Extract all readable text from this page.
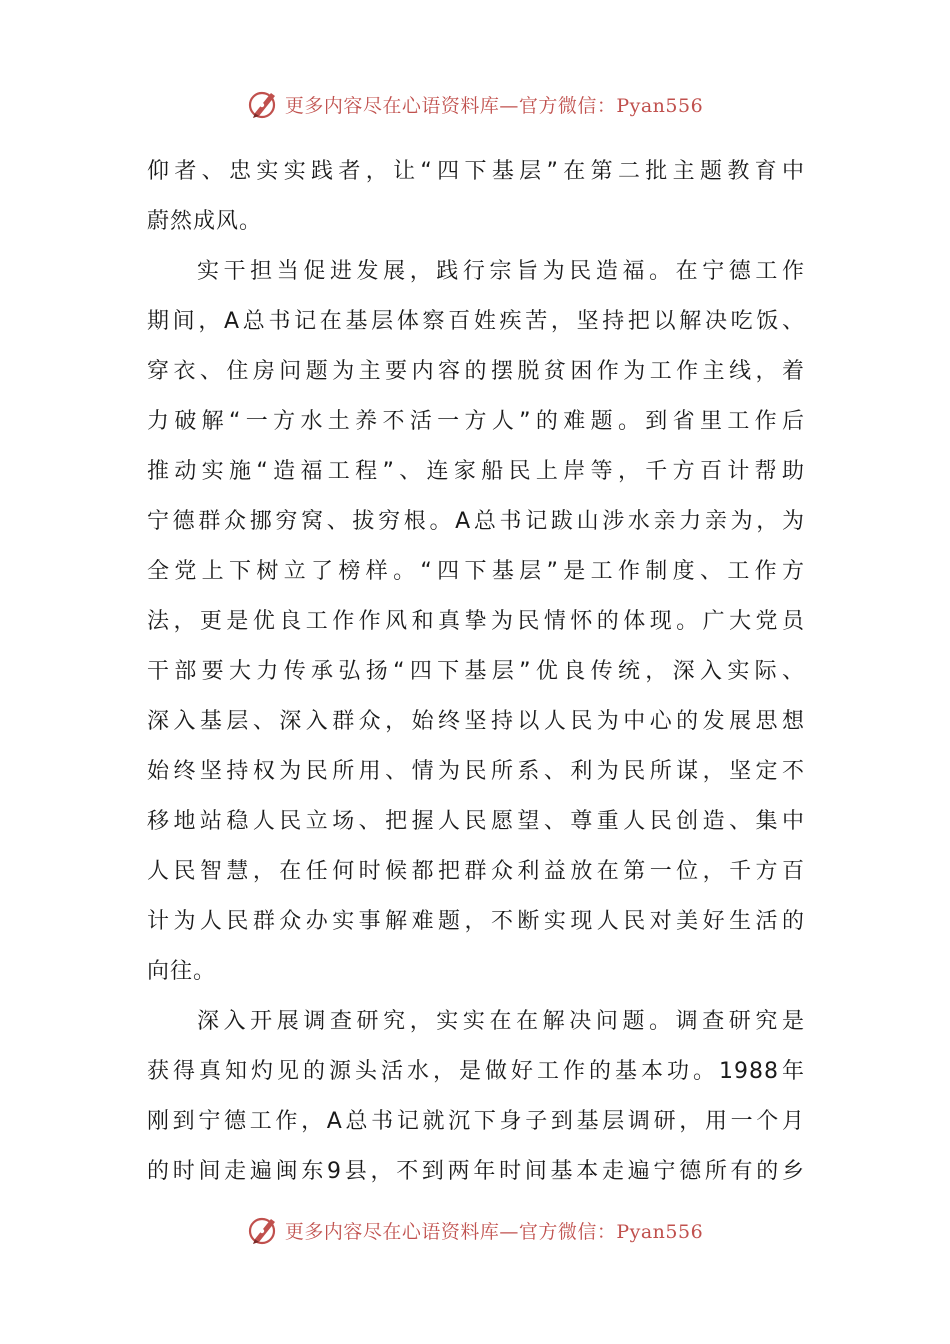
更多内容尽在心语资料库—官方微信：Pyan556
仰者、忠实实践者，让“四下基层”在第二批主题教育中
蔚然成风。
实干担当促进发展，践行宗旨为民造福。在宁德工作
期间，A总书记在基层体察百姓疾苦，坚持把以解决吃饭、
穿衣、住房问题为主要内容的摆脱贫困作为工作主线，着
力破解“一方水土养不活一方人”的难题。到省里工作后
推动实施“造福工程”、连家船民上岸等，千方百计帮助
宁德群众挪穷窝、拔穷根。A总书记跋山涉水亲力亲为，为
全党上下树立了榜样。“四下基层”是工作制度、工作方
法，更是优良工作作风和真挚为民情怀的体现。广大党员
干部要大力传承弘扬“四下基层”优良传统，深入实际、
深入基层、深入群众，始终坚持以人民为中心的发展思想
始终坚持权为民所用、情为民所系、利为民所谋，坚定不
移地站稳人民立场、把握人民愿望、尊重人民创造、集中
人民智慧，在任何时候都把群众利益放在第一位，千方百
计为人民群众办实事解难题，不断实现人民对美好生活的
向往。
深入开展调查研究，实实在在解决问题。调查研究是
获得真知灼见的源头活水，是做好工作的基本功。1988年
刚到宁德工作，A总书记就沉下身子到基层调研，用一个月
的时间走遍闽东9县，不到两年时间基本走遍宁德所有的乡
更多内容尽在心语资料库—官方微信：Pyan556
